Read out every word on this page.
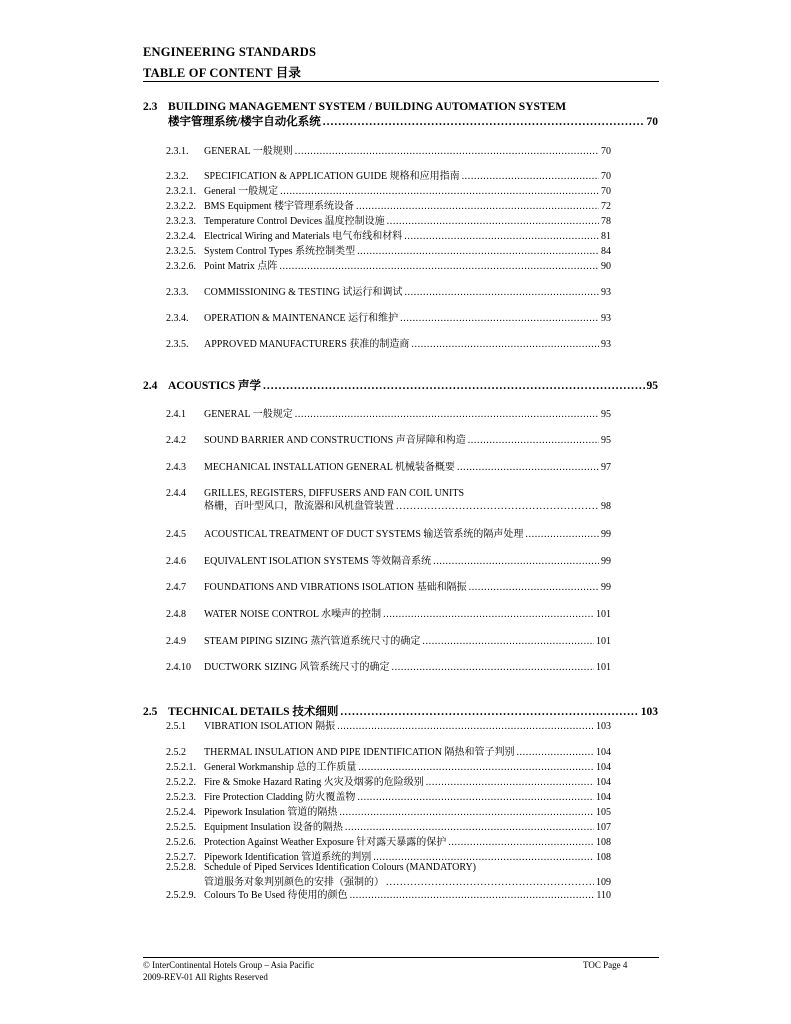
ENGINEERING STANDARDS
TABLE OF CONTENT 目录
2.3 BUILDING MANAGEMENT SYSTEM / BUILDING AUTOMATION SYSTEM
楼宇管理系统/楼宇自动化系统 .....	70
2.3.1.	GENERAL 一般规则 .....	70
2.3.2.	SPECIFICATION & APPLICATION GUIDE 规格和应用指南 .....	70
2.3.2.1. General 一般规定 .....	70
2.3.2.2. BMS Equipment 楼宇管理系统设备 .....	72
2.3.2.3. Temperature Control Devices 温度控制设施 .....	78
2.3.2.4. Electrical Wiring and Materials 电气布线和材料 .....	81
2.3.2.5. System Control Types 系统控制类型 .....	84
2.3.2.6. Point Matrix 点阵 .....	90
2.3.3.	COMMISSIONING & TESTING 试运行和调试 .....	93
2.3.4.	OPERATION & MAINTENANCE 运行和维护 .....	93
2.3.5.	APPROVED MANUFACTURERS 获准的制造商 .....	93
2.4 ACOUSTICS 声学 .....	95
2.4.1	GENERAL 一般规定 .....	95
2.4.2	SOUND BARRIER AND CONSTRUCTIONS 声音屏障和构造 .....	95
2.4.3	MECHANICAL INSTALLATION GENERAL 机械装备概要 .....	97
2.4.4	GRILLES, REGISTERS, DIFFUSERS AND FAN COIL UNITS
格栅，百叶型风口，散流器和风机盘管装置 .....	98
2.4.5	ACOUSTICAL TREATMENT OF DUCT SYSTEMS 输送管系统的隔声处理 .....	99
2.4.6	EQUIVALENT ISOLATION SYSTEMS 等效隔音系统 .....	99
2.4.7	FOUNDATIONS AND VIBRATIONS ISOLATION 基础和隔振 .....	99
2.4.8	WATER NOISE CONTROL 水噪声的控制 .....	101
2.4.9	STEAM PIPING SIZING 蒸汽管道系统尺寸的确定 .....	101
2.4.10	DUCTWORK SIZING 风管系统尺寸的确定 .....	101
2.5 TECHNICAL DETAILS 技术细则 .....	103
2.5.1	VIBRATION ISOLATION 隔振 .....	103
2.5.2	THERMAL INSULATION AND PIPE IDENTIFICATION 隔热和管子判别 .....	104
2.5.2.1. General Workmanship 总的工作质量 .....	104
2.5.2.2. Fire & Smoke Hazard Rating 火灾及烟雾的危险级别 .....	104
2.5.2.3. Fire Protection Cladding 防火覆盖物 .....	104
2.5.2.4. Pipework Insulation 管道的隔热 .....	105
2.5.2.5. Equipment Insulation 设备的隔热 .....	107
2.5.2.6. Protection Against Weather Exposure 针对露天暴露的保护 .....	108
2.5.2.7. Pipework Identification 管道系统的判别 .....	108
2.5.2.8. Schedule of Piped Services Identification Colours (MANDATORY)
管道服务对象判别颜色的安排（强制的） .....	109
2.5.2.9. Colours To Be Used 待使用的颜色 .....	110
© InterContinental Hotels Group – Asia Pacific
2009-REV-01 All Rights Reserved
TOC Page 4
